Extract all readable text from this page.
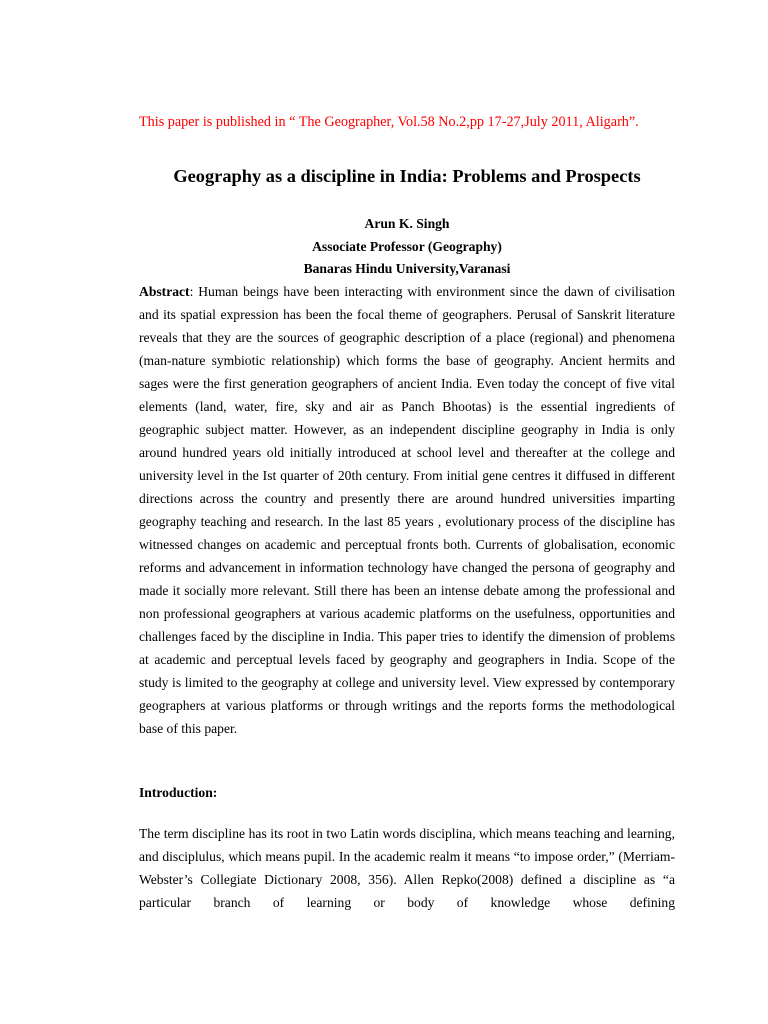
This paper is published in “ The Geographer, Vol.58 No.2,pp 17-27,July 2011, Aligarh”.

Geography as a discipline in India: Problems and Prospects
Arun K. Singh
Associate Professor (Geography)
Banaras Hindu University,Varanasi

Abstract: Human beings have been interacting with environment since the dawn of civilisation and its spatial expression has been the focal theme of geographers. Perusal of Sanskrit literature reveals that they are the sources of geographic description of a place (regional) and phenomena (man-nature symbiotic relationship) which forms the base of geography. Ancient hermits and sages were the first generation geographers of ancient India. Even today the concept of five vital elements (land, water, fire, sky and air as Panch Bhootas) is the essential ingredients of geographic subject matter. However, as an independent discipline geography in India is only around hundred years old initially introduced at school level and thereafter at the college and university level in the Ist quarter of 20th century. From initial gene centres it diffused in different directions across the country and presently there are around hundred universities imparting geography teaching and research. In the last 85 years , evolutionary process of the discipline has witnessed changes on academic and perceptual fronts both. Currents of globalisation, economic reforms and advancement in information technology have changed the persona of geography and made it socially more relevant. Still there has been an intense debate among the professional and non professional geographers at various academic platforms on the usefulness, opportunities and challenges faced by the discipline in India. This paper tries to identify the dimension of problems at academic and perceptual levels faced by geography and geographers in India. Scope of the study is limited to the geography at college and university level. View expressed by contemporary geographers at various platforms or through writings and the reports forms the methodological base of this paper.

Introduction:

The term discipline has its root in two Latin words disciplina, which means teaching and learning, and disciplulus, which means pupil. In the academic realm it means “to impose order,” (Merriam-Webster’s Collegiate Dictionary 2008, 356). Allen Repko(2008) defined a discipline as “a particular branch of learning or body of knowledge whose defining
